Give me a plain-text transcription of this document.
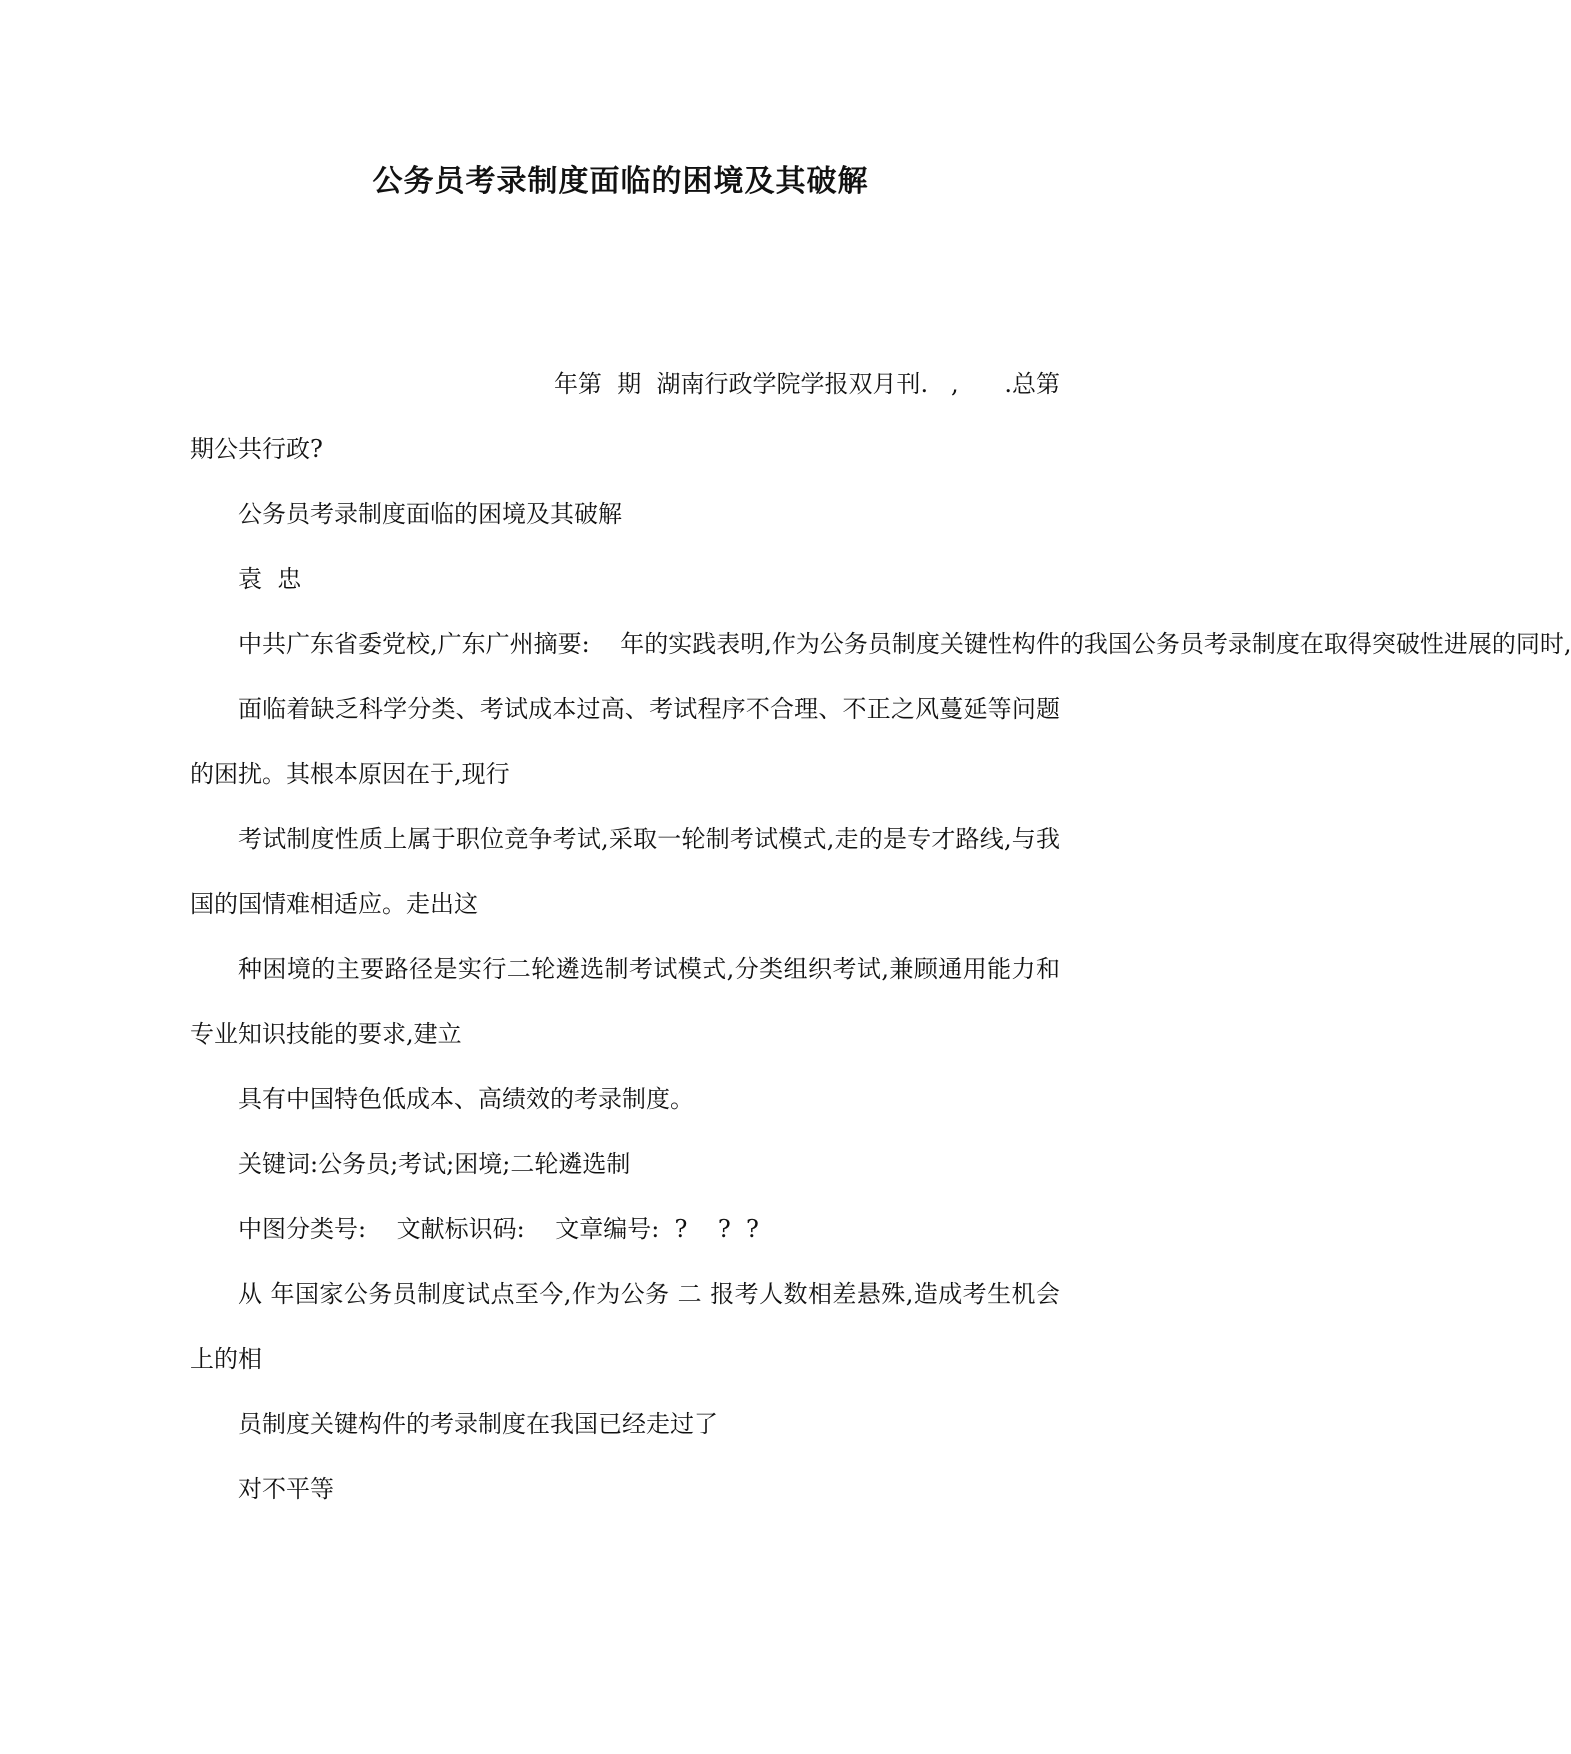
公务员考录制度面临的困境及其破解

年第  期  湖南行政学院学报双月刊.   ,      .总第

期公共行政?

公务员考录制度面临的困境及其破解

袁  忠

中共广东省委党校,广东广州摘要:    年的实践表明,作为公务员制度关键性构件的我国公务员考录制度在取得突破性进展的同时,

面临着缺乏科学分类、考试成本过高、考试程序不合理、不正之风蔓延等问题的困扰。其根本原因在于,现行

考试制度性质上属于职位竞争考试,采取一轮制考试模式,走的是专才路线,与我国的国情难相适应。走出这

种困境的主要路径是实行二轮遴选制考试模式,分类组织考试,兼顾通用能力和专业知识技能的要求,建立

具有中国特色低成本、高绩效的考录制度。

关键词:公务员;考试;困境;二轮遴选制

中图分类号:    文献标识码:    文章编号:  ?    ?  ?

从 年国家公务员制度试点至今,作为公务 二 报考人数相差悬殊,造成考生机会上的相

员制度关键构件的考录制度在我国已经走过了

对不平等
